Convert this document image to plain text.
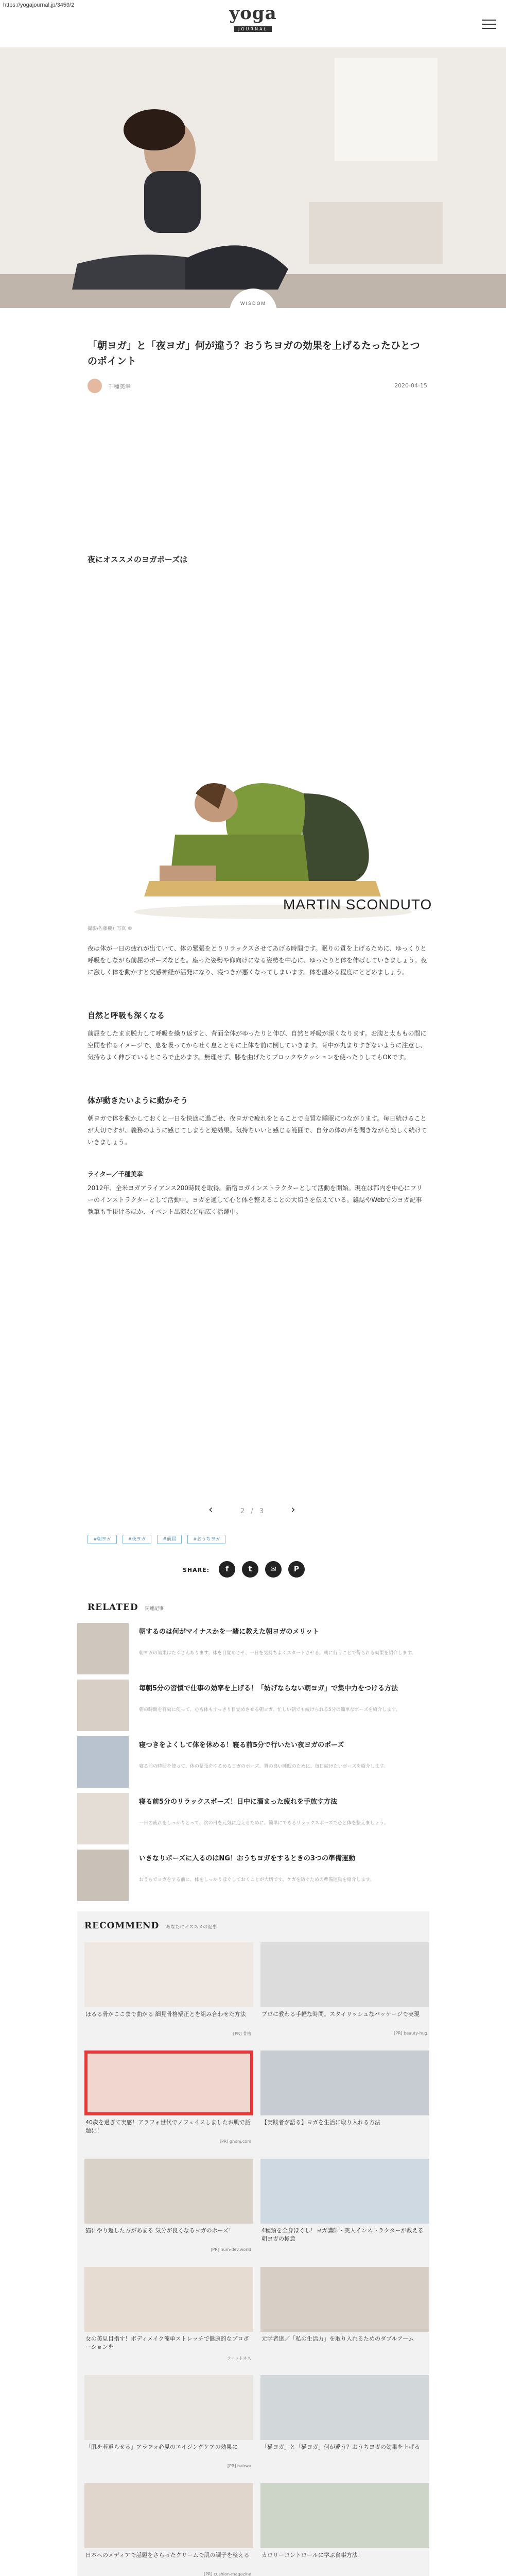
https://yogajournal.jp/3459/2	yoga
JOURNAL
WISDOM
「朝ヨガ」と「夜ヨガ」何が違う？おうちヨガの効果を上げるたったひとつのポイント
千種美幸	2020-04-15
夜にオススメのヨガポーズは
MARTIN SCONDUTO
撮影/佐藤慶）写真 ©

夜は体が一日の疲れが出ていて、体の緊張をとりリラックスさせてあげる時間です。眠りの質を上げるために、ゆっくりと呼吸をしながら前屈のポーズなどを。座った姿勢や仰向けになる姿勢を中心に、ゆったりと体を伸ばしていきましょう。夜に激しく体を動かすと交感神経が活発になり、寝つきが悪くなってしまいます。体を温める程度にとどめましょう。

自然と呼吸も深くなる

前屈をしたまま脱力して呼吸を繰り返すと、背面全体がゆったりと伸び、自然と呼吸が深くなります。お腹と太ももの間に空間を作るイメージで、息を吸ってから吐く息とともに上体を前に倒していきます。背中が丸まりすぎないように注意し、気持ちよく伸びているところで止めます。無理せず、膝を曲げたりブロックやクッションを使ったりしてもOKです。

体が動きたいように動かそう

朝ヨガで体を動かしておくと一日を快適に過ごせ、夜ヨガで疲れをとることで良質な睡眠につながります。毎日続けることが大切ですが、義務のように感じてしまうと逆効果。気持ちいいと感じる範囲で、自分の体の声を聞きながら楽しく続けていきましょう。

ライター／千種美幸

2012年、全米ヨガアライアンス200時間を取得。新宿ヨガインストラクターとして活動を開始。現在は都内を中心にフリーのインストラクターとして活動中。ヨガを通して心と体を整えることの大切さを伝えている。雑誌やWebでのヨガ記事執筆も手掛けるほか、イベント出演など幅広く活躍中。

‹	2 / 3 ›
#朝ヨガ	#夜ヨガ	#前屈	#おうちヨガ
SHARE:	f	t	✉	P
RELATED 関連記事
朝するのは何がマイナスかを一緒に教えた朝ヨガのメリット
朝ヨガの効果はたくさんあります。体を目覚めさせ、一日を気持ちよくスタートさせる。朝に行うことで得られる効果を紹介します。
毎朝5分の習慣で仕事の効率を上げる！「妨げならない朝ヨガ」で集中力をつける方法
朝の時間を有効に使って、心も体もすっきり目覚めさせる朝ヨガ。忙しい朝でも続けられる5分の簡単なポーズを紹介します。
寝つきをよくして体を休める！寝る前5分で行いたい夜ヨガのポーズ
寝る前の時間を使って、体の緊張をゆるめるヨガのポーズ。質の良い睡眠のために、毎日続けたいポーズを紹介します。
寝る前5分のリラックスポーズ！日中に溜まった疲れを手放す方法
一日の疲れをしっかりとって、次の日を元気に迎えるために。簡単にできるリラックスポーズで心と体を整えましょう。
いきなりポーズに入るのはNG！おうちヨガをするときの3つの準備運動
おうちでヨガをする前に、体をしっかりほぐしておくことが大切です。ケガを防ぐための準備運動を紹介します。
RECOMMEND あなたにオススメの記事
ほるる骨がここまで曲がる 細見骨格矯正とを組み合わせた方法
[PR] 骨格
プロに教わる手軽な時間。スタイリッシュなパッケージで実現
[PR] beauty-hug
40歳を過ぎて実感！アラフォ世代でノフェイスしましたお肌で話題に！
[PR] ghonj.com
【実践者が語る】ヨガを生活に取り入れる方法
猫にやり返した方があまる 気分が良くなるヨガのポーズ！
[PR] hum-dev.world
4種類を全身ほぐし！ヨガ講師・美人インストラクターが教える朝ヨガの極意
女の美見目指す！ボディメイク簡単ストレッチで健康的なプロポーションを
フィットネス
元学者達／「私の生活力」を取り入れるためのダブルアーム
「肌を若返らせる」アラフォ必見のエイジングケアの効果に
[PR] hairwa
「猫ヨガ」と「猫ヨガ」何が違う？おうちヨガの効果を上げる
日本へのメディアで話題をさらったクリームで肌の調子を整える
[PR] cushion-magazine
カロリーコントロールに学ぶ食事方法！
